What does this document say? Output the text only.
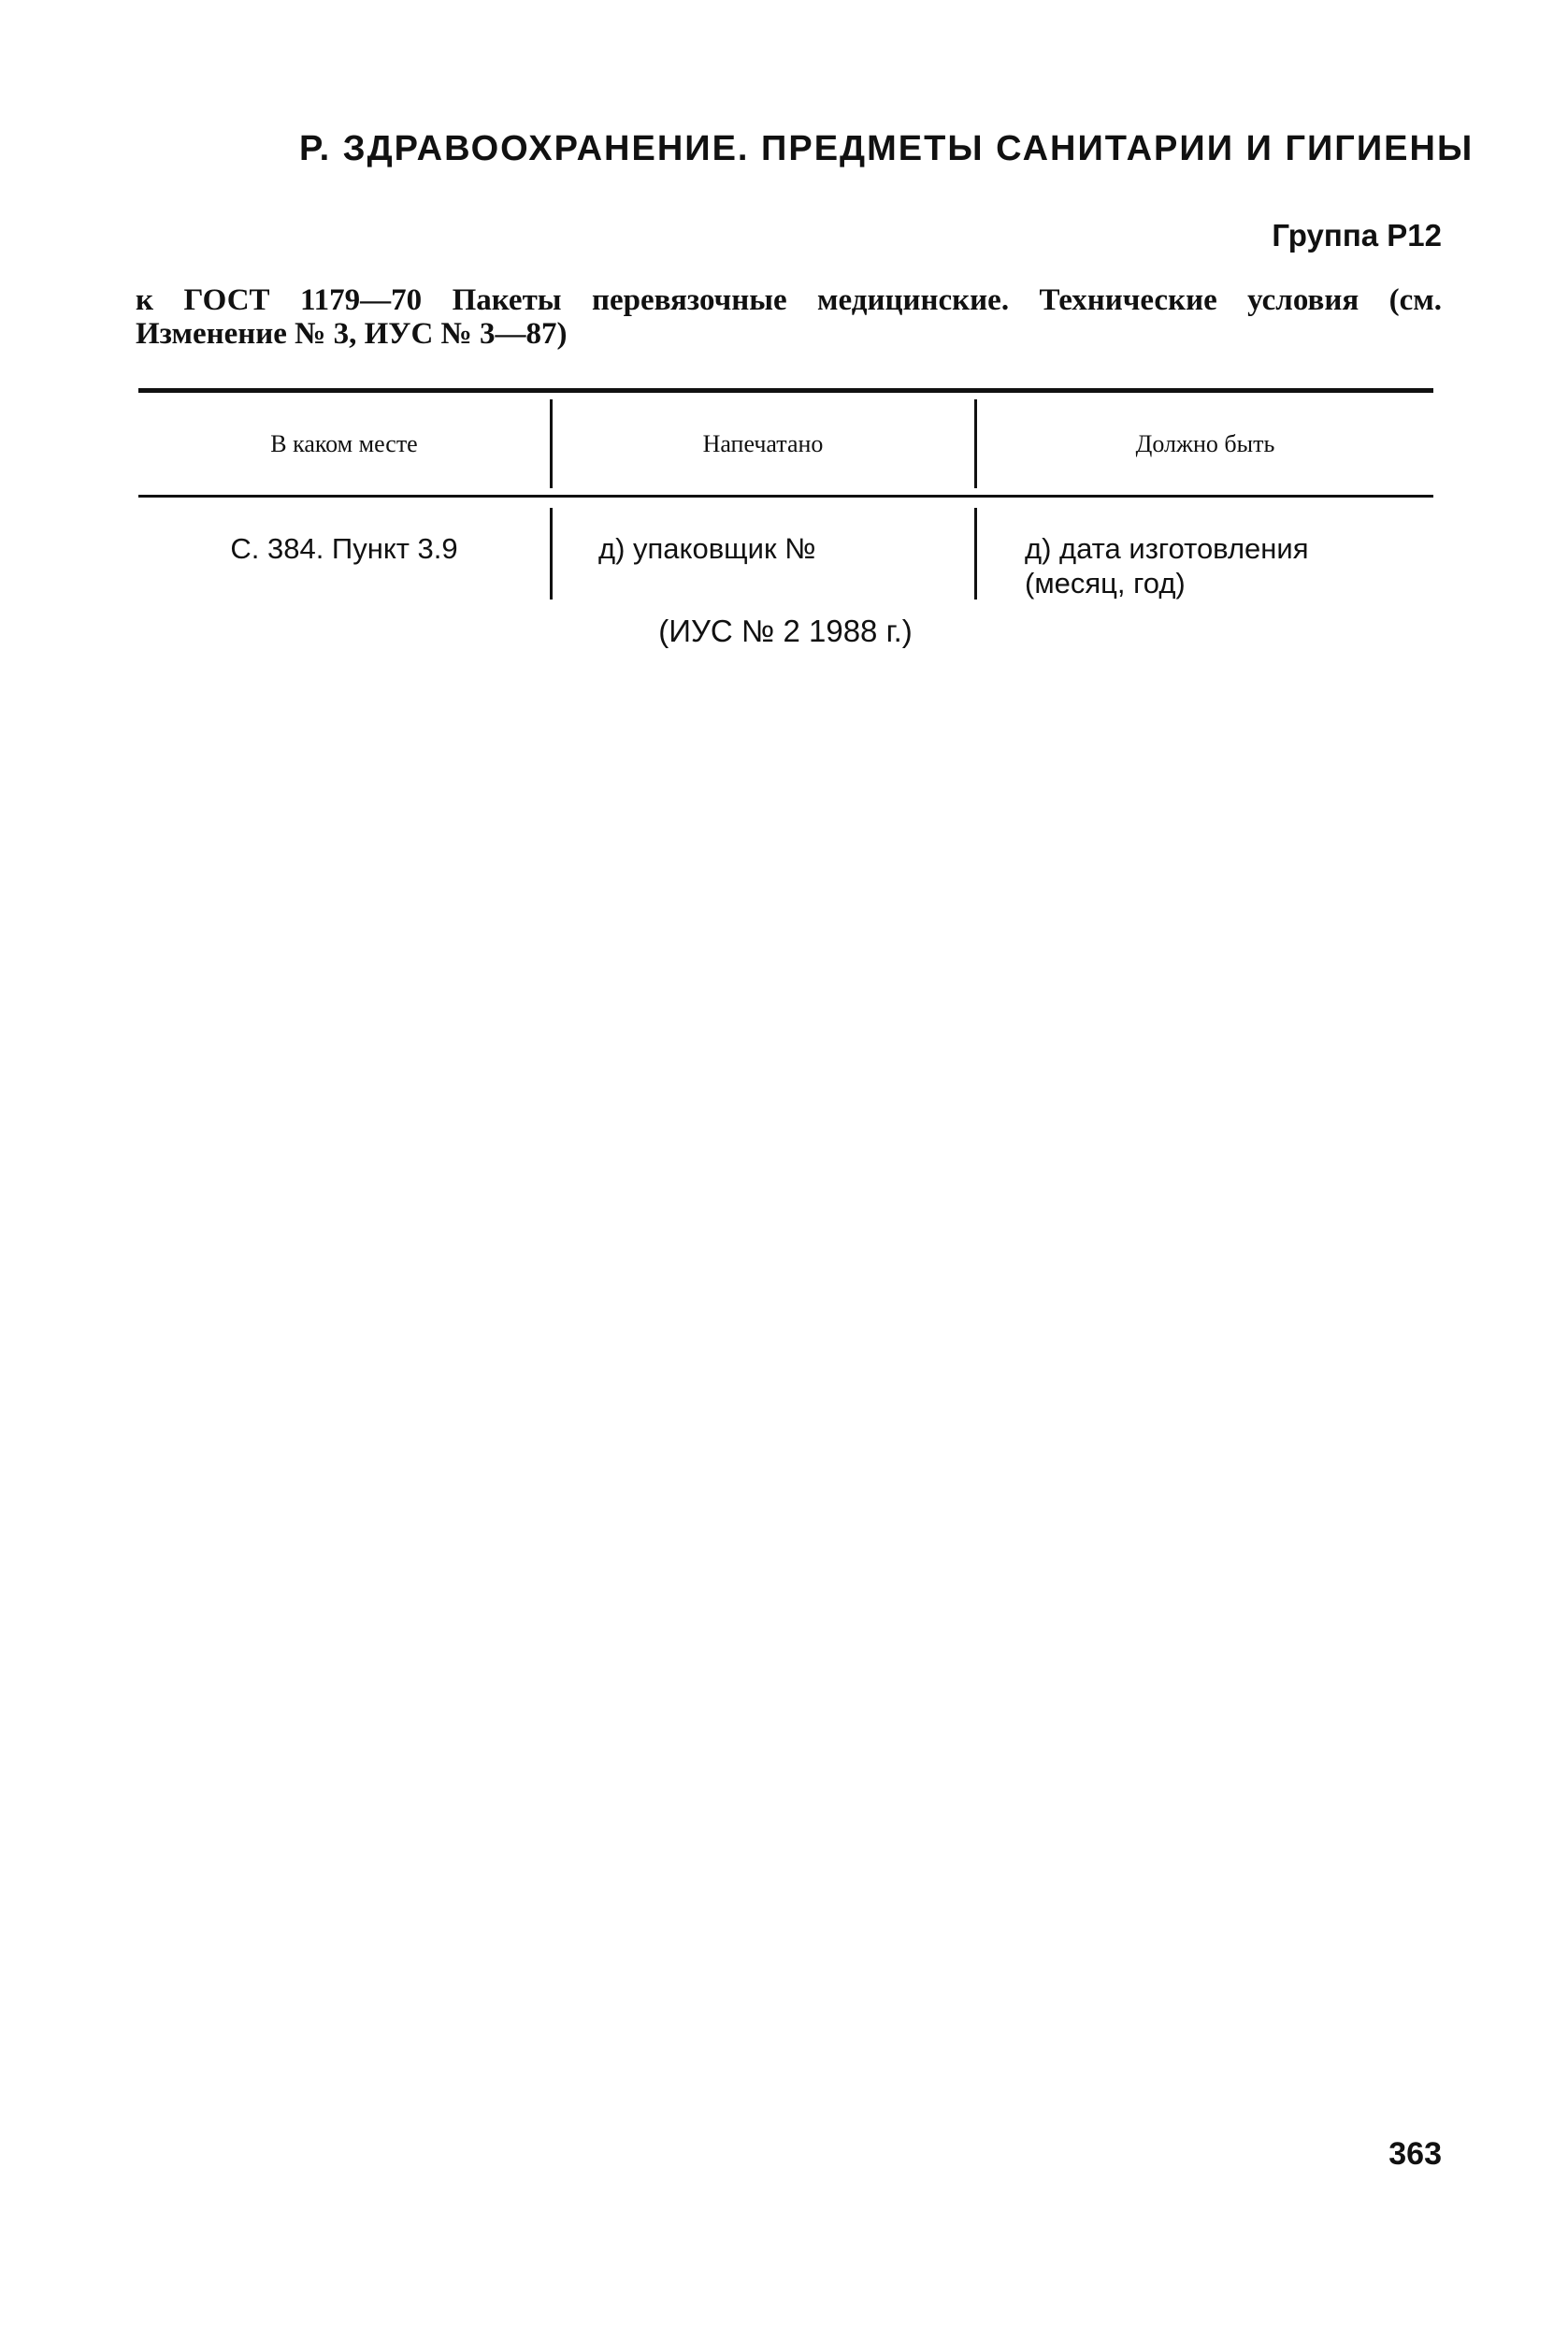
Р. ЗДРАВООХРАНЕНИЕ. ПРЕДМЕТЫ САНИТАРИИ И ГИГИЕНЫ
Группа Р12
к ГОСТ 1179—70 Пакеты перевязочные медицинские. Технические условия (см.
Изменение № 3, ИУС № 3—87)
В каком месте	Напечатано	Должно быть
С. 384. Пункт 3.9	д) упаковщик №	д) дата изготовления
(месяц, год)
(ИУС № 2 1988 г.)
363
